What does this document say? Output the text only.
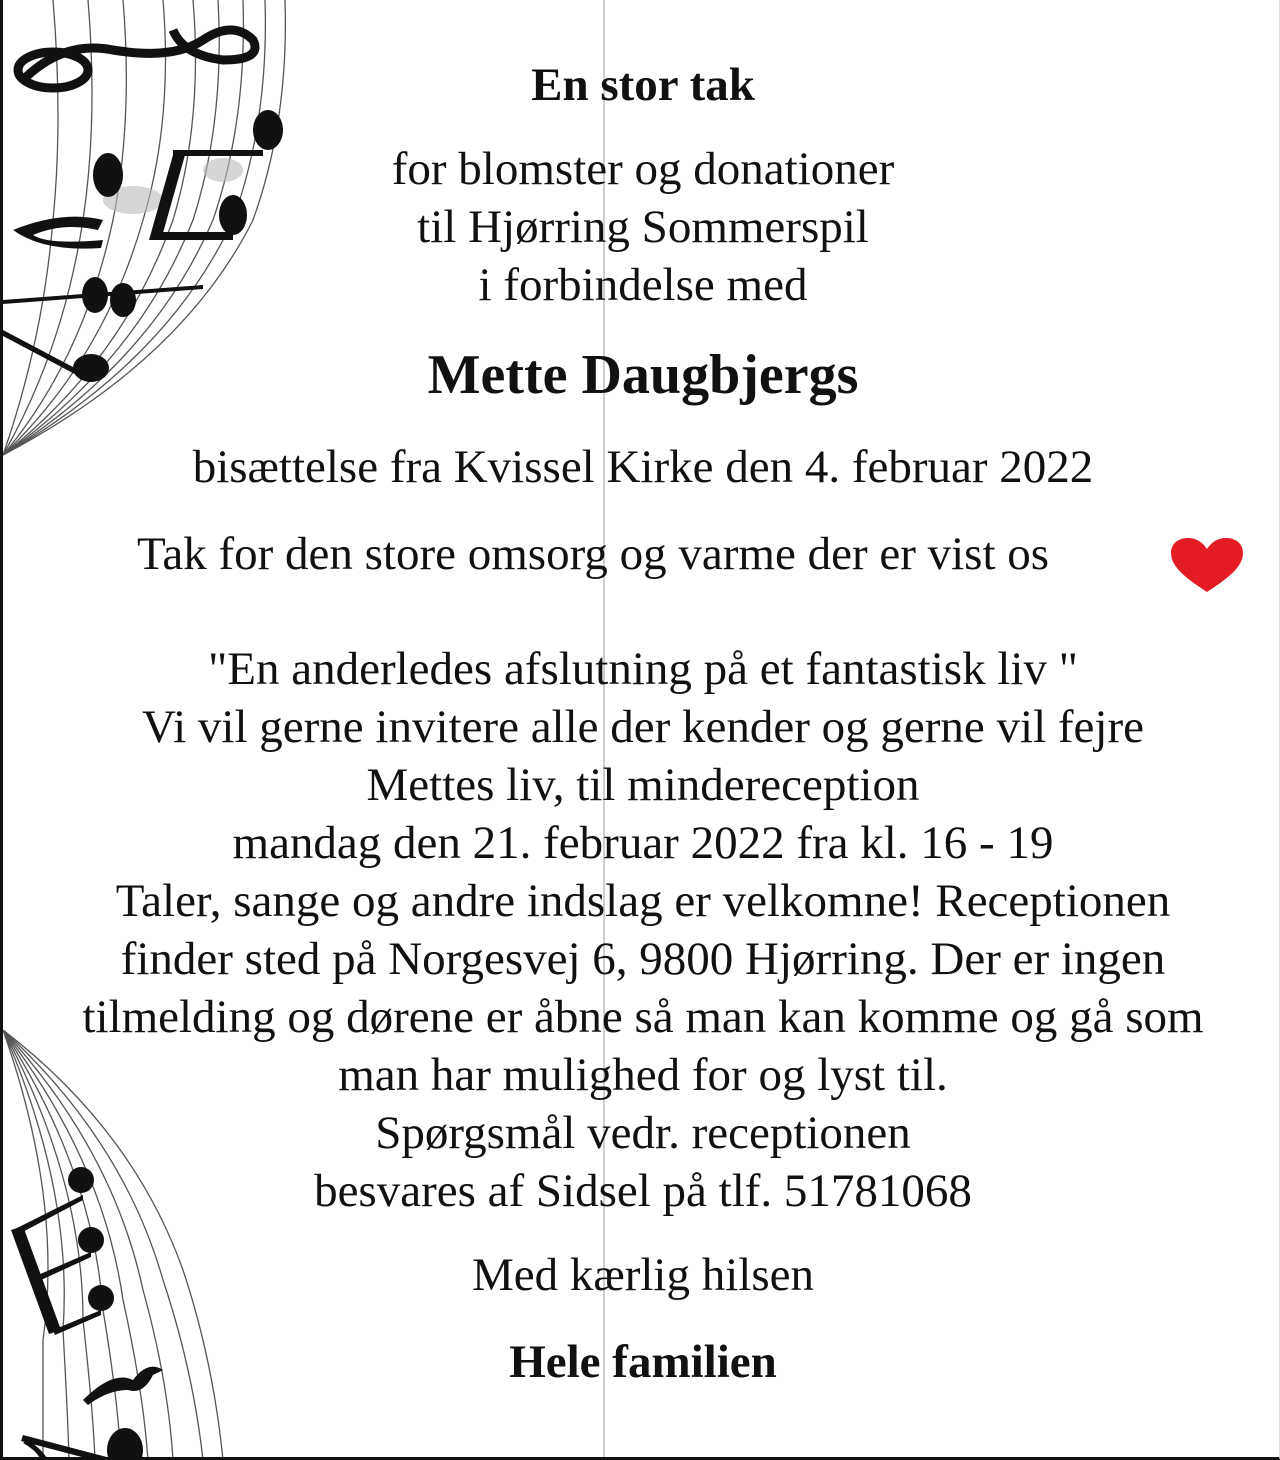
En stor tak
for blomster og donationer
til Hjørring Sommerspil
i forbindelse med
Mette Daugbjergs
bisættelse fra Kvissel Kirke den 4. februar 2022
Tak for den store omsorg og varme der er vist os
"En anderledes afslutning på et fantastisk liv "
Vi vil gerne invitere alle der kender og gerne vil fejre
Mettes liv, til mindereception
mandag den 21. februar 2022 fra kl. 16 - 19
Taler, sange og andre indslag er velkomne! Receptionen
finder sted på Norgesvej 6, 9800 Hjørring. Der er ingen
tilmelding og dørene er åbne så man kan komme og gå som
man har mulighed for og lyst til.
Spørgsmål vedr. receptionen
besvares af Sidsel på tlf. 51781068
Med kærlig hilsen
Hele familien
